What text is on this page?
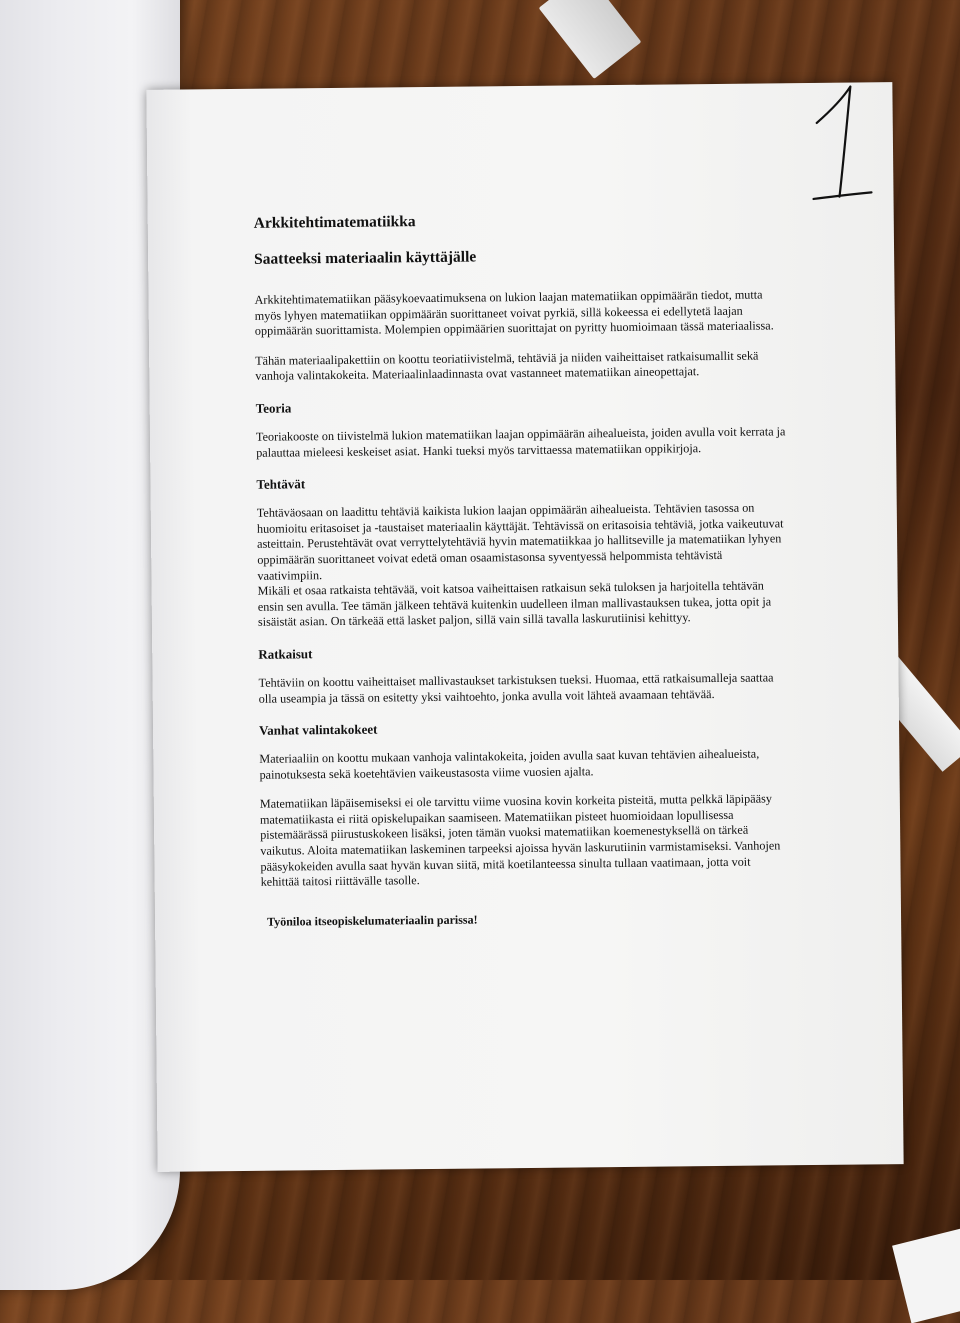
Arkkitehtimatematiikka
Saatteeksi materiaalin käyttäjälle

Arkkitehtimatematiikan pääsykoevaatimuksena on lukion laajan matematiikan oppimäärän tiedot, mutta myös lyhyen matematiikan oppimäärän suorittaneet voivat pyrkiä, sillä kokeessa ei edellytetä laajan oppimäärän suorittamista. Molempien oppimäärien suorittajat on pyritty huomioimaan tässä materiaalissa.

Tähän materiaalipakettiin on koottu teoriatiivistelmä, tehtäviä ja niiden vaiheittaiset ratkaisumallit sekä vanhoja valintakokeita. Materiaalinlaadinnasta ovat vastanneet matematiikan aineopettajat.

Teoria

Teoriakooste on tiivistelmä lukion matematiikan laajan oppimäärän aihealueista, joiden avulla voit kerrata ja palauttaa mieleesi keskeiset asiat. Hanki tueksi myös tarvittaessa matematiikan oppikirjoja.

Tehtävät

Tehtäväosaan on laadittu tehtäviä kaikista lukion laajan oppimäärän aihealueista. Tehtävien tasossa on huomioitu eritasoiset ja -taustaiset materiaalin käyttäjät. Tehtävissä on eritasoisia tehtäviä, jotka vaikeutuvat asteittain. Perustehtävät ovat verryttelytehtäviä hyvin matematiikkaa jo hallitseville ja matematiikan lyhyen oppimäärän suorittaneet voivat edetä oman osaamistasonsa syventyessä helpommista tehtävistä vaativimpiin.

Mikäli et osaa ratkaista tehtävää, voit katsoa vaiheittaisen ratkaisun sekä tuloksen ja harjoitella tehtävän ensin sen avulla. Tee tämän jälkeen tehtävä kuitenkin uudelleen ilman mallivastauksen tukea, jotta opit ja sisäistät asian. On tärkeää että lasket paljon, sillä vain sillä tavalla laskurutiinisi kehittyy.

Ratkaisut

Tehtäviin on koottu vaiheittaiset mallivastaukset tarkistuksen tueksi. Huomaa, että ratkaisumalleja saattaa olla useampia ja tässä on esitetty yksi vaihtoehto, jonka avulla voit lähteä avaamaan tehtävää.

Vanhat valintakokeet

Materiaaliin on koottu mukaan vanhoja valintakokeita, joiden avulla saat kuvan tehtävien aihealueista, painotuksesta sekä koetehtävien vaikeustasosta viime vuosien ajalta.

Matematiikan läpäisemiseksi ei ole tarvittu viime vuosina kovin korkeita pisteitä, mutta pelkkä läpipääsy matematiikasta ei riitä opiskelupaikan saamiseen. Matematiikan pisteet huomioidaan lopullisessa pistemäärässä piirustuskokeen lisäksi, joten tämän vuoksi matematiikan koemenestyksellä on tärkeä vaikutus. Aloita matematiikan laskeminen tarpeeksi ajoissa hyvän laskurutiinin varmistamiseksi. Vanhojen pääsykokeiden avulla saat hyvän kuvan siitä, mitä koetilanteessa sinulta tullaan vaatimaan, jotta voit kehittää taitosi riittävälle tasolle.

Työniloa itseopiskelumateriaalin parissa!
